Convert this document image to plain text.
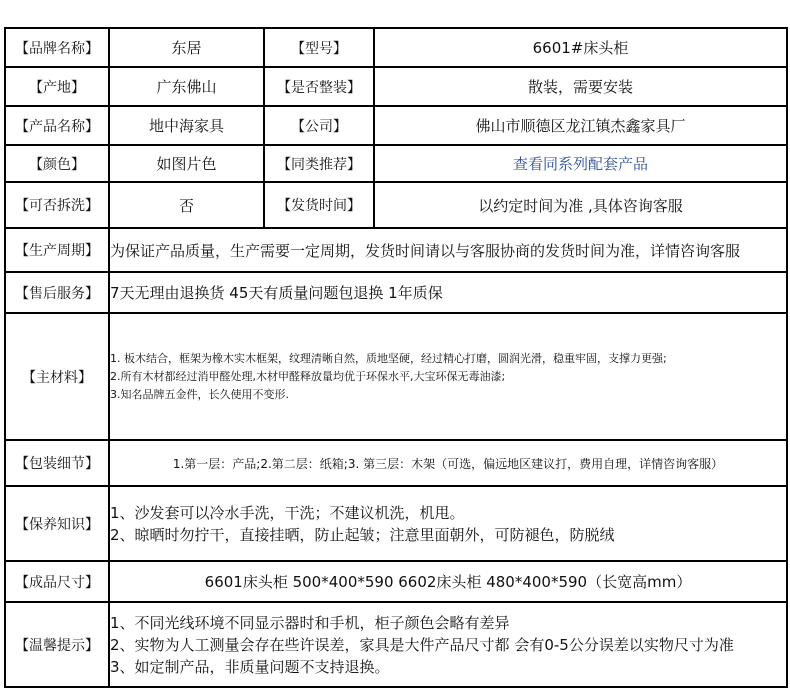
【品牌名称】	东居	【型号】	6601#床头柜
【产地】	广东佛山	【是否整装】	散装，需要安装
【产品名称】	地中海家具	【公司】	佛山市顺德区龙江镇杰鑫家具厂
【颜色】	如图片色	【同类推荐】	查看同系列配套产品
【可否拆洗】	否	【发货时间】	以约定时间为准 ,具体咨询客服
【生产周期】	为保证产品质量，生产需要一定周期，发货时间请以与客服协商的发货时间为准，详情咨询客服		
【售后服务】	7天无理由退换货 45天有质量问题包退换 1年质保		
【主材料】	1. 板木结合，框架为橡木实木框架，纹理清晰自然，质地坚硬，经过精心打磨，圆润光滑，稳重牢固，支撑力更强;
2.所有木材都经过消甲醛处理,木材甲醛释放量均优于环保水平,大宝环保无毒油漆;
3.知名品牌五金件，长久使用不变形.		

【包装细节】	1.第一层：产品;2.第二层：纸箱;3. 第三层：木架（可选，偏远地区建议打，费用自理，详情咨询客服）		
【保养知识】	1、沙发套可以冷水手洗，干洗；不建议机洗，机甩。
2、晾晒时勿拧干，直接挂晒，防止起皱；注意里面朝外，可防褪色，防脱绒		

【成品尺寸】	6601床头柜 500*400*590 6602床头柜 480*400*590（长宽高mm）		
【温馨提示】	1、不同光线环境不同显示器时和手机，柜子颜色会略有差异
2、实物为人工测量会存在些许误差，家具是大件产品尺寸都 会有0-5公分误差以实物尺寸为准
3、如定制产品，非质量问题不支持退换。		
